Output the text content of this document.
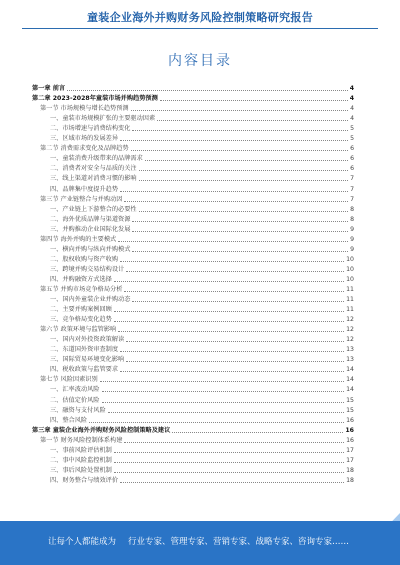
童装企业海外并购财务风险控制策略研究报告
内容目录
第一章 前言	4
第二章 2023-2028年童装市场并购趋势预测	4
第一节 市场规模与增长趋势预测	4
一、童装市场规模扩张的主要驱动因素	4
二、市场增速与消费结构变化	5
三、区域市场的发展差异	5
第二节 消费需求变化及品牌趋势	6
一、童装消费升级带来的品牌需求	6
二、消费者对安全与品质的关注	6
三、线上渠道对消费习惯的影响	7
四、品牌集中度提升趋势	7
第三节 产业链整合与并购动因	7
一、产业链上下游整合的必要性	8
二、海外优质品牌与渠道资源	8
三、并购推动企业国际化发展	9
第四节 海外并购的主要模式	9
一、横向并购与纵向并购模式	9
二、股权收购与资产收购	10
三、跨境并购交易结构设计	10
四、并购融资方式选择	10
第五节 并购市场竞争格局分析	11
一、国内外童装企业并购动态	11
二、主要并购案例回顾	11
三、竞争格局变化趋势	12
第六节 政策环境与监管影响	12
一、国内对外投资政策解读	12
二、东道国外资审查制度	13
三、国际贸易环境变化影响	13
四、税收政策与监管要求	14
第七节 风险因素识别	14
一、汇率波动风险	14
二、估值定价风险	15
三、融资与支付风险	15
四、整合风险	16
第三章 童装企业海外并购财务风险控制策略及建议	16
第一节 财务风险控制体系构建	16
一、事前风险评估机制	17
二、事中风险监控机制	17
三、事后风险处置机制	18
四、财务整合与绩效评价	18
让每个人都能成为 行业专家、管理专家、营销专家、战略专家、咨询专家……
